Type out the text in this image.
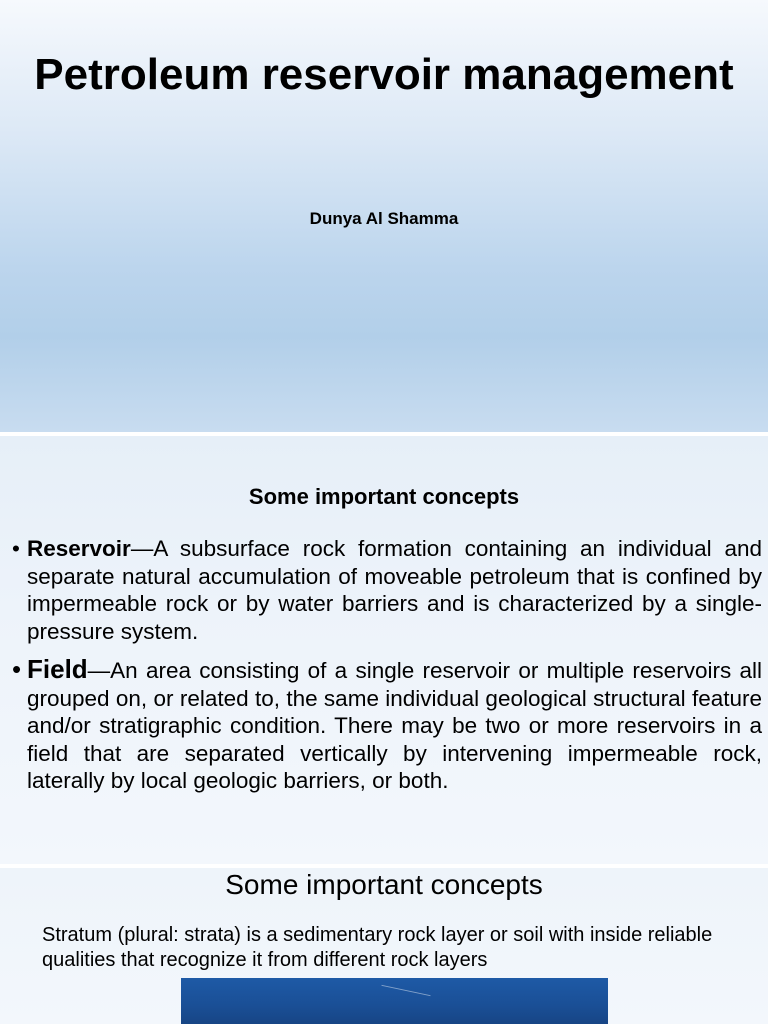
Petroleum reservoir management
Dunya Al Shamma
Some important concepts
• Reservoir—A subsurface rock formation containing an individual and separate natural accumulation of moveable petroleum that is confined by impermeable rock or by water barriers and is characterized by a single-pressure system.
• Field—An area consisting of a single reservoir or multiple reservoirs all grouped on, or related to, the same individual geological structural feature and/or stratigraphic condition. There may be two or more reservoirs in a field that are separated vertically by intervening impermeable rock, laterally by local geologic barriers, or both.
Some important concepts
Stratum (plural: strata) is a sedimentary rock layer or soil with inside reliable qualities that recognize it from different rock layers
